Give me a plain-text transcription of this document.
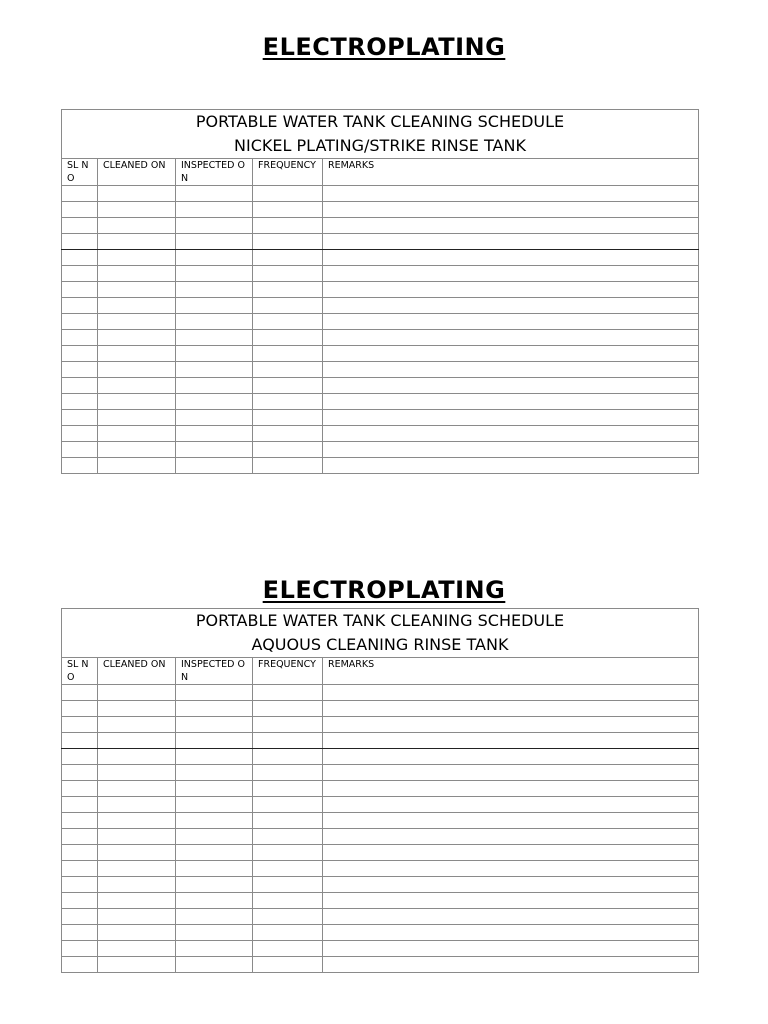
ELECTROPLATING
PORTABLE WATER TANK CLEANING SCHEDULE
NICKEL PLATING/STRIKE RINSE TANK				

SL NO	CLEANED ON	INSPECTED ON	FREQUENCY	REMARKS

ELECTROPLATING
PORTABLE WATER TANK CLEANING SCHEDULE
AQUOUS CLEANING RINSE TANK				

SL NO	CLEANED ON	INSPECTED ON	FREQUENCY	REMARKS
